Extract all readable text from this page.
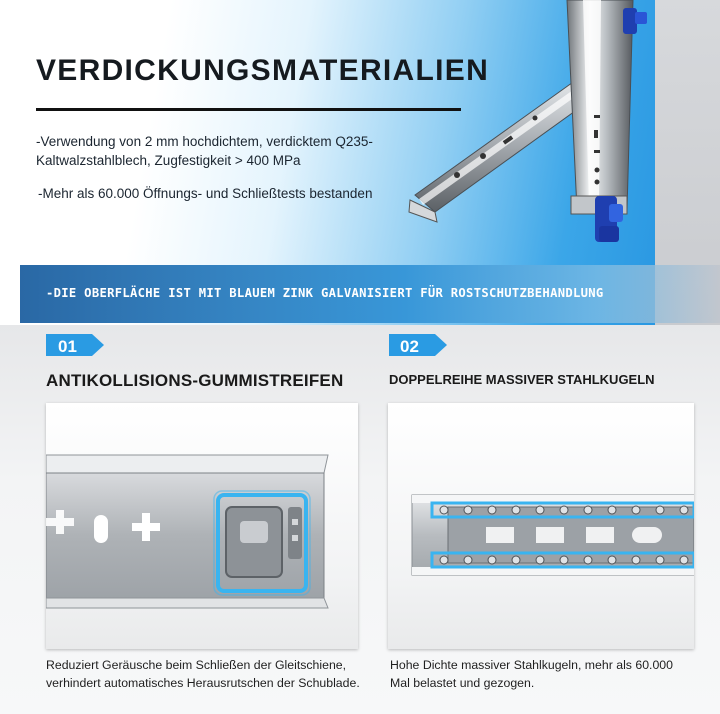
VERDICKUNGSMATERIALIEN

-Verwendung von 2 mm hochdichtem, verdicktem Q235-Kaltwalzstahlblech, Zugfestigkeit > 400 MPa

-Mehr als 60.000 Öffnungs- und Schließtests bestanden

-DIE OBERFLÄCHE IST MIT BLAUEM ZINK GALVANISIERT FÜR ROSTSCHUTZBEHANDLUNG
01
ANTIKOLLISIONS-GUMMISTREIFEN

Reduziert Geräusche beim Schließen der Gleitschiene, verhindert automatisches Herausrutschen der Schublade.

02
DOPPELREIHE MASSIVER STAHLKUGELN

Hohe Dichte massiver Stahlkugeln, mehr als 60.000 Mal belastet und gezogen.
